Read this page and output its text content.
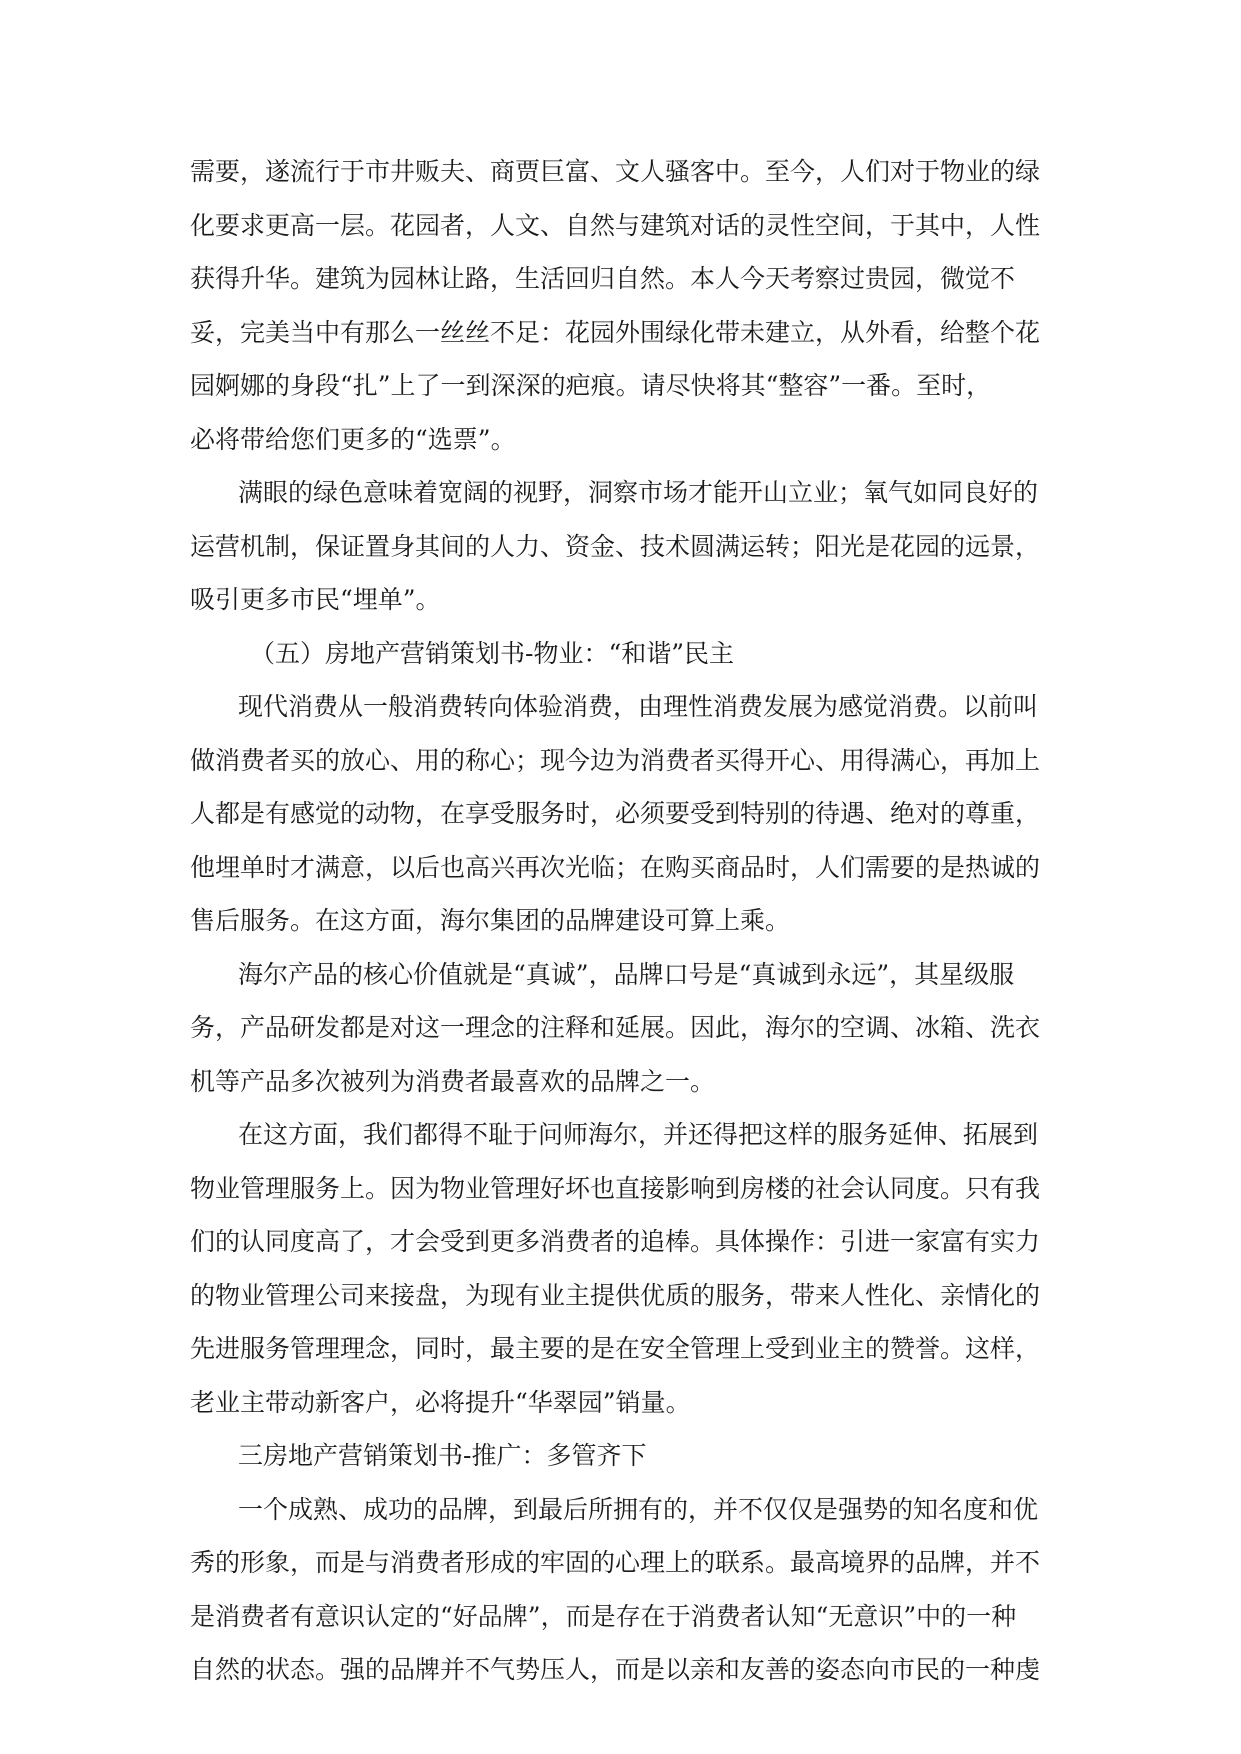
需要，遂流行于市井贩夫、商贾巨富、文人骚客中。至今，人们对于物业的绿
化要求更高一层。花园者，人文、自然与建筑对话的灵性空间，于其中，人性
获得升华。建筑为园林让路，生活回归自然。本人今天考察过贵园，微觉不
妥，完美当中有那么一丝丝不足：花园外围绿化带未建立，从外看，给整个花
园婀娜的身段“扎”上了一到深深的疤痕。请尽快将其“整容”一番。至时，
必将带给您们更多的“选票”。
满眼的绿色意味着宽阔的视野，洞察市场才能开山立业；氧气如同良好的
运营机制，保证置身其间的人力、资金、技术圆满运转；阳光是花园的远景，
吸引更多市民“埋单”。
（五）房地产营销策划书-物业：“和谐”民主
现代消费从一般消费转向体验消费，由理性消费发展为感觉消费。以前叫
做消费者买的放心、用的称心；现今边为消费者买得开心、用得满心，再加上
人都是有感觉的动物，在享受服务时，必须要受到特别的待遇、绝对的尊重，
他埋单时才满意，以后也高兴再次光临；在购买商品时，人们需要的是热诚的
售后服务。在这方面，海尔集团的品牌建设可算上乘。
海尔产品的核心价值就是“真诚”，品牌口号是“真诚到永远”，其星级服
务，产品研发都是对这一理念的注释和延展。因此，海尔的空调、冰箱、洗衣
机等产品多次被列为消费者最喜欢的品牌之一。
在这方面，我们都得不耻于问师海尔，并还得把这样的服务延伸、拓展到
物业管理服务上。因为物业管理好坏也直接影响到房楼的社会认同度。只有我
们的认同度高了，才会受到更多消费者的追棒。具体操作：引进一家富有实力
的物业管理公司来接盘，为现有业主提供优质的服务，带来人性化、亲情化的
先进服务管理理念，同时，最主要的是在安全管理上受到业主的赞誉。这样，
老业主带动新客户，必将提升“华翠园”销量。
三房地产营销策划书-推广：多管齐下
一个成熟、成功的品牌，到最后所拥有的，并不仅仅是强势的知名度和优
秀的形象，而是与消费者形成的牢固的心理上的联系。最高境界的品牌，并不
是消费者有意识认定的“好品牌”，而是存在于消费者认知“无意识”中的一种
自然的状态。强的品牌并不气势压人，而是以亲和友善的姿态向市民的一种虔
